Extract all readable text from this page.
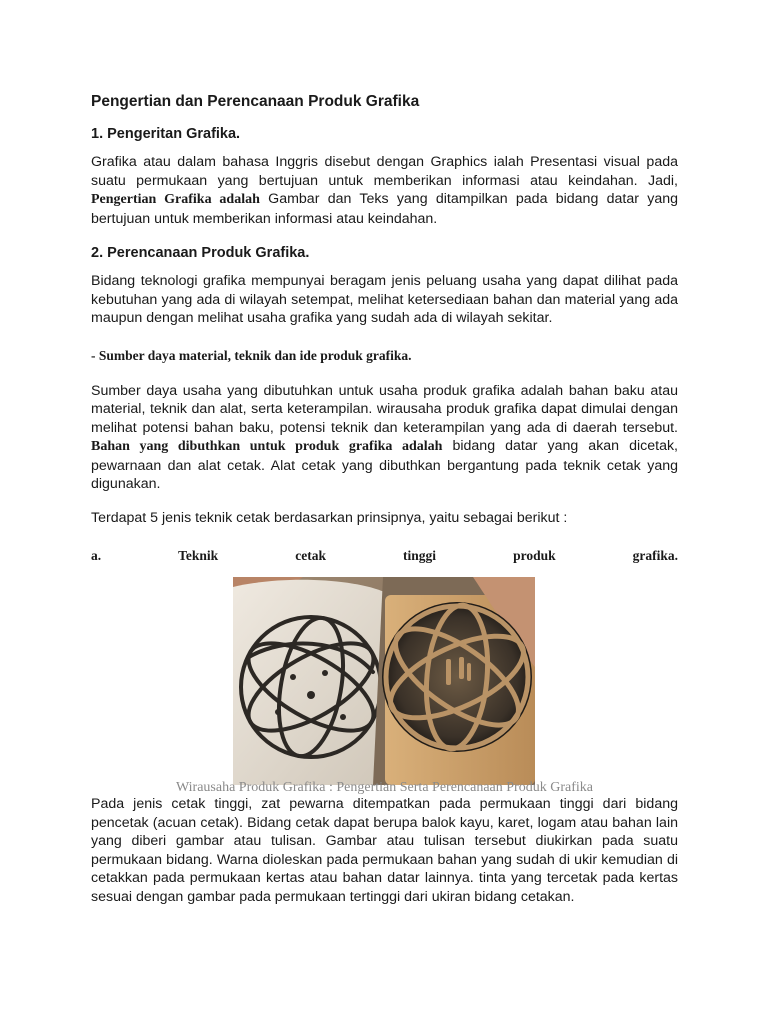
Pengertian dan Perencanaan Produk Grafika
1. Pengeritan Grafika.

Grafika atau dalam bahasa Inggris disebut dengan Graphics ialah Presentasi visual pada suatu permukaan yang bertujuan untuk memberikan informasi atau keindahan. Jadi, Pengertian Grafika adalah Gambar dan Teks yang ditampilkan pada bidang datar yang bertujuan untuk memberikan informasi atau keindahan.

2. Perencanaan Produk Grafika.

Bidang teknologi grafika mempunyai beragam jenis peluang usaha yang dapat dilihat pada kebutuhan yang ada di wilayah setempat, melihat ketersediaan bahan dan material yang ada maupun dengan melihat usaha grafika yang sudah ada di wilayah sekitar.

- Sumber daya material, teknik dan ide produk grafika.

Sumber daya usaha yang dibutuhkan untuk usaha produk grafika adalah bahan baku atau material, teknik dan alat, serta keterampilan. wirausaha produk grafika dapat dimulai dengan melihat potensi bahan baku, potensi teknik dan keterampilan yang ada di daerah tersebut. Bahan yang dibuthkan untuk produk grafika adalah bidang datar yang akan dicetak, pewarnaan dan alat cetak. Alat cetak yang dibuthkan bergantung pada teknik cetak yang digunakan.

Terdapat 5 jenis teknik cetak berdasarkan prinsipnya, yaitu sebagai berikut :

a.	Teknik	cetak	tinggi	produk	grafika.
Wirausaha Produk Grafika : Pengertian Serta Perencanaan Produk Grafika

Pada jenis cetak tinggi, zat pewarna ditempatkan pada permukaan tinggi dari bidang pencetak (acuan cetak). Bidang cetak dapat berupa balok kayu, karet, logam atau bahan lain yang diberi gambar atau tulisan. Gambar atau tulisan tersebut diukirkan pada suatu permukaan bidang. Warna dioleskan pada permukaan bahan yang sudah di ukir kemudian di cetakkan pada permukaan kertas atau bahan datar lainnya. tinta yang tercetak pada kertas sesuai dengan gambar pada permukaan tertinggi dari ukiran bidang cetakan.
